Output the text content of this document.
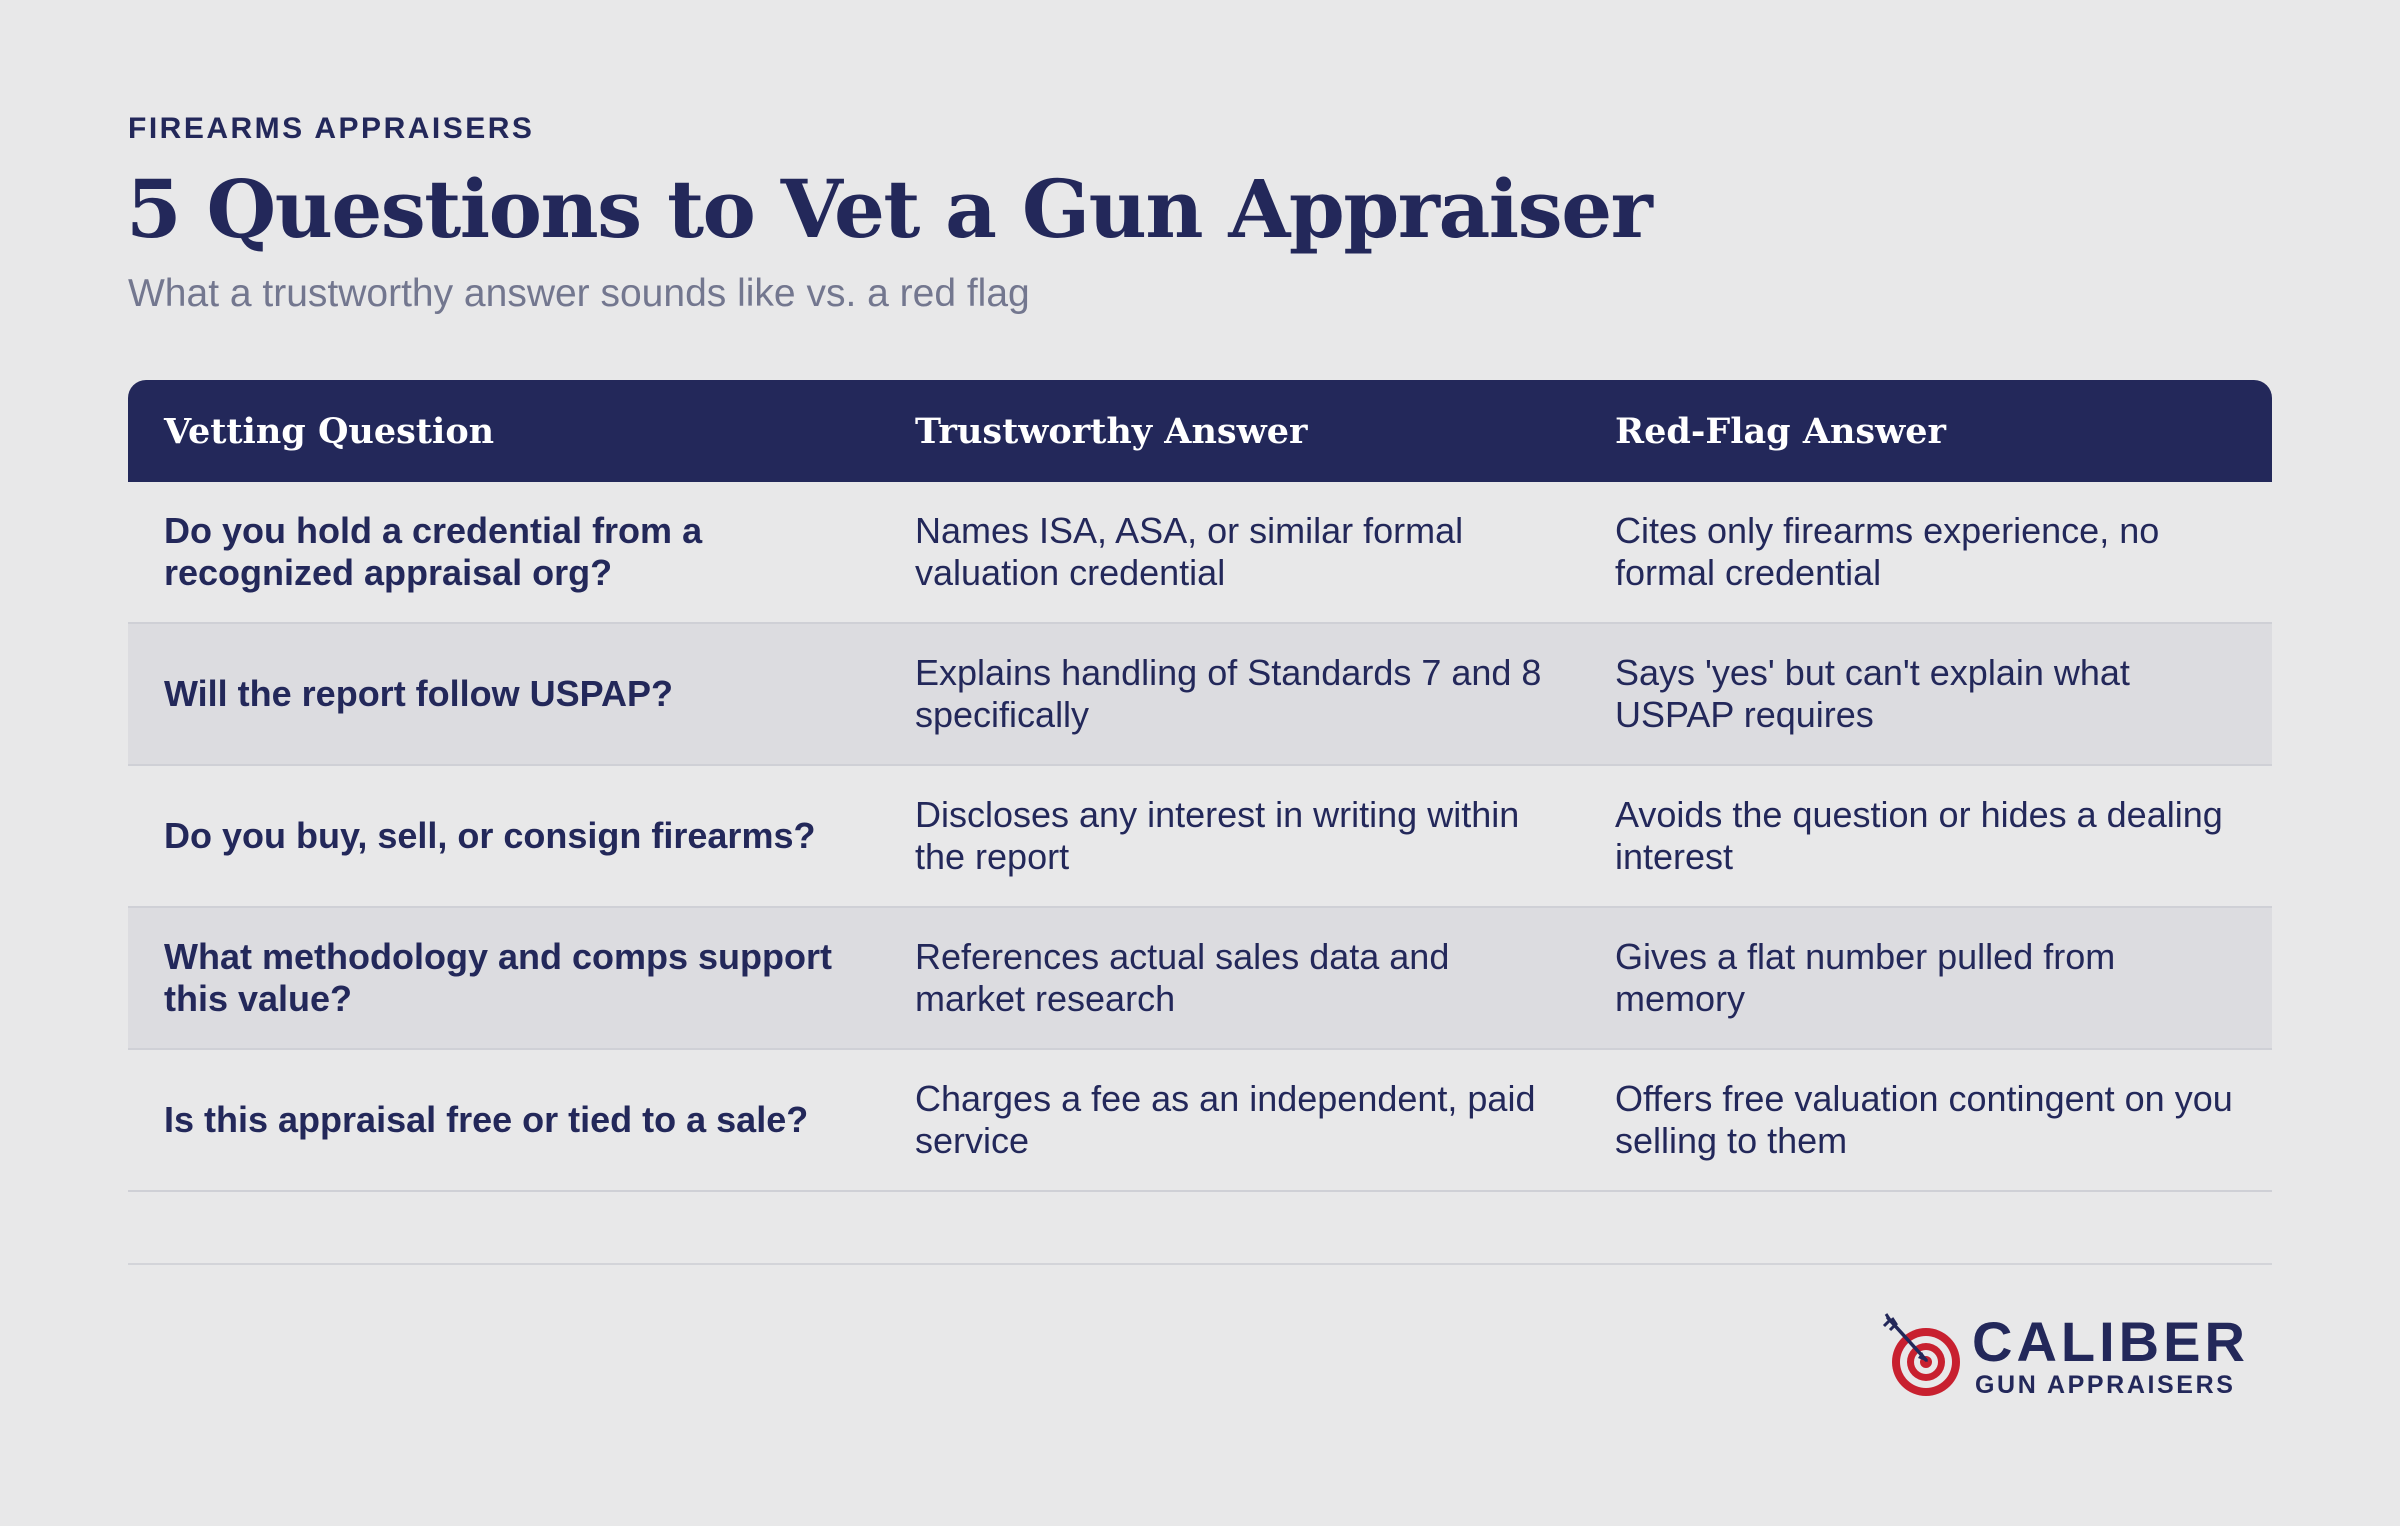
FIREARMS APPRAISERS
5 Questions to Vet a Gun Appraiser
What a trustworthy answer sounds like vs. a red flag
Vetting Question	Trustworthy Answer	Red-Flag Answer
Do you hold a credential from a recognized appraisal org?
Names ISA, ASA, or similar formal valuation credential
Cites only firearms experience, no formal credential
Will the report follow USPAP?
Explains handling of Standards 7 and 8 specifically
Says 'yes' but can't explain what USPAP requires
Do you buy, sell, or consign firearms?
Discloses any interest in writing within the report
Avoids the question or hides a dealing interest
What methodology and comps support this value?
References actual sales data and market research
Gives a flat number pulled from memory
Is this appraisal free or tied to a sale?
Charges a fee as an independent, paid service
Offers free valuation contingent on you selling to them
CALIBER
GUN APPRAISERS
